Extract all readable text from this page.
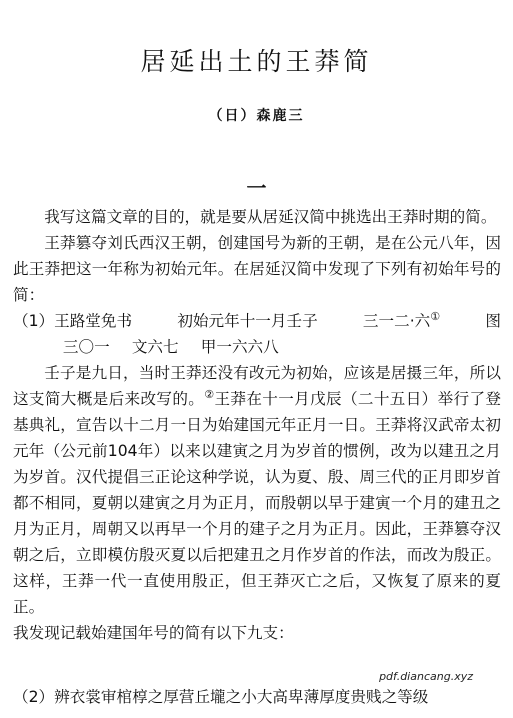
居延出土的王莽简
（日）森鹿三
一

我写这篇文章的目的，就是要从居延汉简中挑选出王莽时期的简。

王莽篡夺刘氏西汉王朝，创建国号为新的王朝，是在公元八年，因此王莽把这一年称为初始元年。在居延汉简中发现了下列有初始年号的简：

（1） 王路堂免书	初始元年十一月壬子	三一二·六①	图
三〇一 文六七 甲一六六八

壬子是九日，当时王莽还没有改元为初始，应该是居摄三年，所以这支简大概是后来改写的。②王莽在十一月戊辰（二十五日）举行了登基典礼，宣告以十二月一日为始建国元年正月一日。王莽将汉武帝太初元年（公元前104年）以来以建寅之月为岁首的惯例，改为以建丑之月为岁首。汉代提倡三正论这种学说，认为夏、殷、周三代的正月即岁首都不相同，夏朝以建寅之月为正月，而殷朝以早于建寅一个月的建丑之月为正月，周朝又以再早一个月的建子之月为正月。因此，王莽篡夺汉朝之后，立即模仿殷灭夏以后把建丑之月作岁首的作法，而改为殷正。这样，王莽一代一直使用殷正，但王莽灭亡之后，又恢复了原来的夏正。

我发现记载始建国年号的简有以下九支：

pdf.diancang.xyz
（2）辨衣裳审棺椁之厚营丘壠之小大高卑薄厚度贵贱之等级
